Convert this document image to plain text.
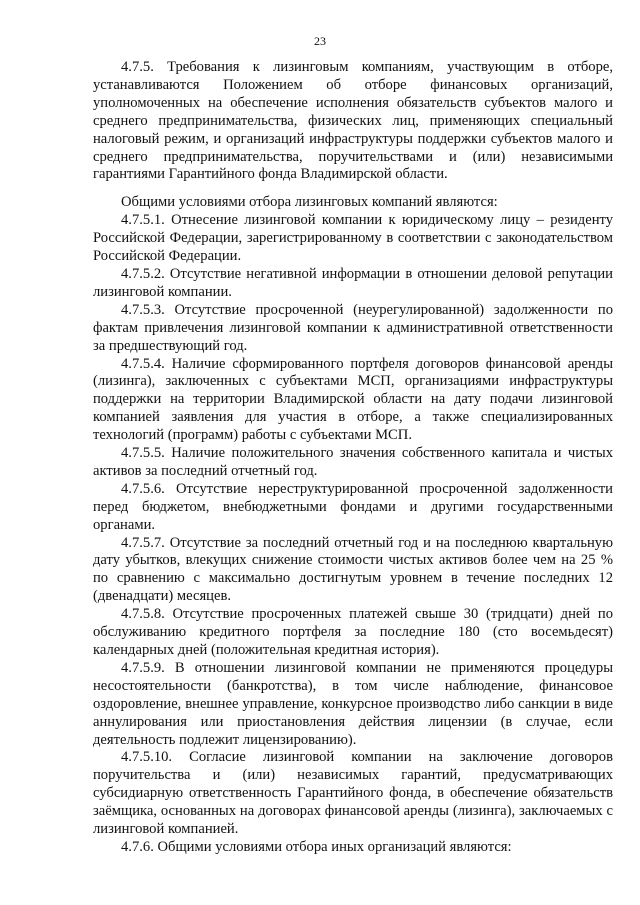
23

4.7.5. Требования к лизинговым компаниям, участвующим в отборе, устанавливаются Положением об отборе финансовых организаций, уполномоченных на обеспечение исполнения обязательств субъектов малого и среднего предпринимательства, физических лиц, применяющих специальный налоговый режим, и организаций инфраструктуры поддержки субъектов малого и среднего предпринимательства, поручительствами и (или) независимыми гарантиями Гарантийного фонда Владимирской области.

Общими условиями отбора лизинговых компаний являются:

4.7.5.1. Отнесение лизинговой компании к юридическому лицу – резиденту Российской Федерации, зарегистрированному в соответствии с законодательством Российской Федерации.

4.7.5.2. Отсутствие негативной информации в отношении деловой репутации лизинговой компании.

4.7.5.3. Отсутствие просроченной (неурегулированной) задолженности по фактам привлечения лизинговой компании к административной ответственности за предшествующий год.

4.7.5.4. Наличие сформированного портфеля договоров финансовой аренды (лизинга), заключенных с субъектами МСП, организациями инфраструктуры поддержки на территории Владимирской области на дату подачи лизинговой компанией заявления для участия в отборе, а также специализированных технологий (программ) работы с субъектами МСП.

4.7.5.5. Наличие положительного значения собственного капитала и чистых активов за последний отчетный год.

4.7.5.6. Отсутствие нереструктурированной просроченной задолженности перед бюджетом, внебюджетными фондами и другими государственными органами.

4.7.5.7. Отсутствие за последний отчетный год и на последнюю квартальную дату убытков, влекущих снижение стоимости чистых активов более чем на 25 % по сравнению с максимально достигнутым уровнем в течение последних 12 (двенадцати) месяцев.

4.7.5.8. Отсутствие просроченных платежей свыше 30 (тридцати) дней по обслуживанию кредитного портфеля за последние 180 (сто восемьдесят) календарных дней (положительная кредитная история).

4.7.5.9. В отношении лизинговой компании не применяются процедуры несостоятельности (банкротства), в том числе наблюдение, финансовое оздоровление, внешнее управление, конкурсное производство либо санкции в виде аннулирования или приостановления действия лицензии (в случае, если деятельность подлежит лицензированию).

4.7.5.10. Согласие лизинговой компании на заключение договоров поручительства и (или) независимых гарантий, предусматривающих субсидиарную ответственность Гарантийного фонда, в обеспечение обязательств заёмщика, основанных на договорах финансовой аренды (лизинга), заключаемых с лизинговой компанией.

4.7.6. Общими условиями отбора иных организаций являются:
